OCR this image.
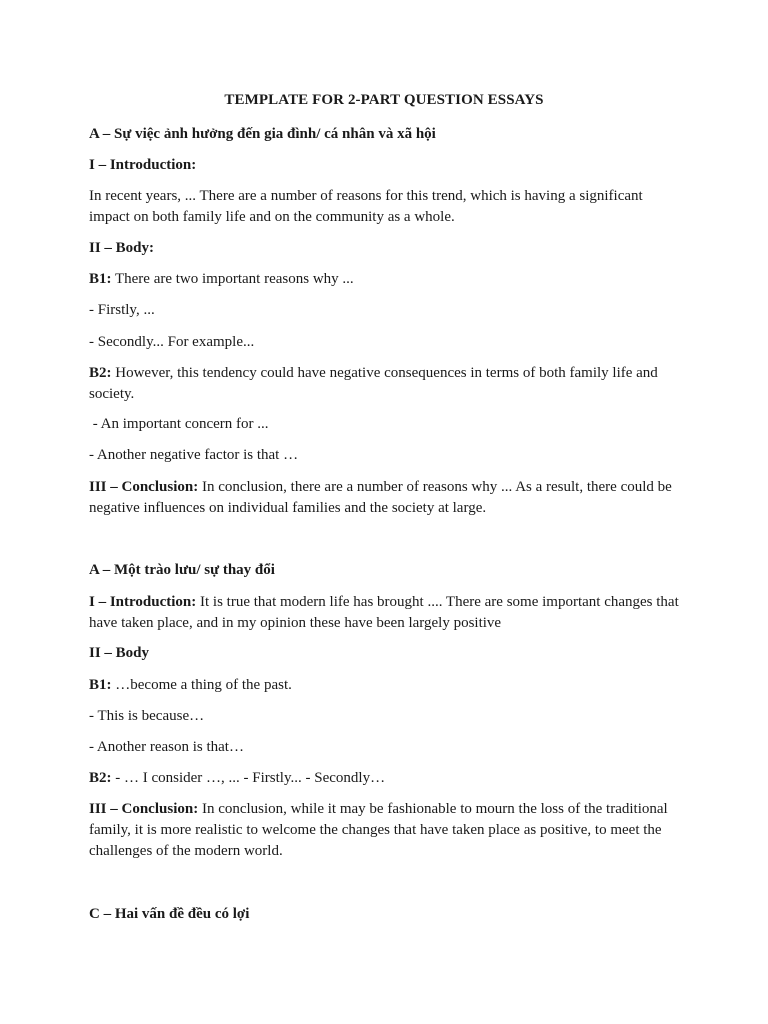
TEMPLATE FOR 2-PART QUESTION ESSAYS

A – Sự việc ảnh hưởng đến gia đình/ cá nhân và xã hội

I – Introduction:

In recent years, ... There are a number of reasons for this trend, which is having a significant impact on both family life and on the community as a whole.

II – Body:

B1: There are two important reasons why ...

- Firstly, ...

- Secondly... For example...

B2: However, this tendency could have negative consequences in terms of both family life and society.

- An important concern for ...

- Another negative factor is that …

III – Conclusion: In conclusion, there are a number of reasons why ... As a result, there could be negative influences on individual families and the society at large.

A – Một trào lưu/ sự thay đổi

I – Introduction: It is true that modern life has brought .... There are some important changes that have taken place, and in my opinion these have been largely positive

II – Body

B1: …become a thing of the past.

- This is because…

- Another reason is that…

B2: - … I consider …, ... - Firstly... - Secondly…

III – Conclusion: In conclusion, while it may be fashionable to mourn the loss of the traditional family, it is more realistic to welcome the changes that have taken place as positive, to meet the challenges of the modern world.

C – Hai vấn đề đều có lợi
